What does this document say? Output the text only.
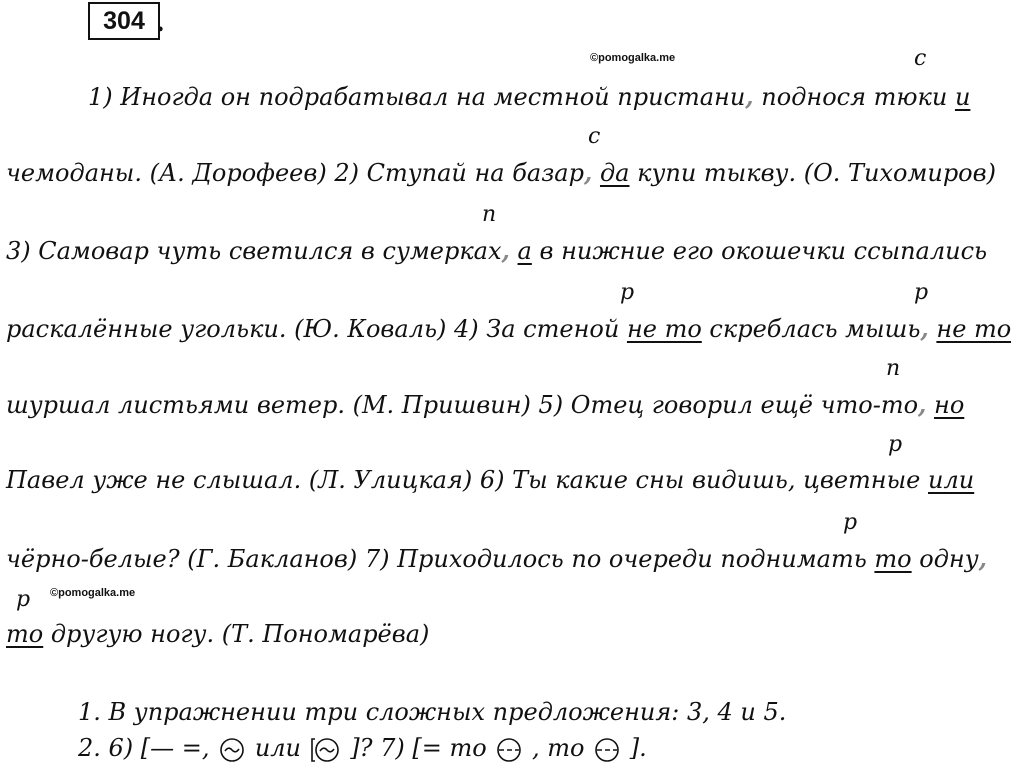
304 .
©pomogalka.me
©pomogalka.me
с
с
п
р	р
п
р
р
р
1) Иногда он подрабатывал на местной пристани, поднося тюки и
чемоданы. (А. Дорофеев) 2) Ступай на базар, да купи тыкву. (О. Тихомиров)
3) Самовар чуть светился в сумерках, а в нижние его окошечки ссыпались
раскалённые угольки. (Ю. Коваль) 4) За стеной не то скреблась мышь, не то
шуршал листьями ветер. (М. Пришвин) 5) Отец говорил ещё что-то, но
Павел уже не слышал. (Л. Улицкая) 6) Ты какие сны видишь, цветные или
чёрно-белые? (Г. Бакланов) 7) Приходилось по очереди поднимать то одну,
то другую ногу. (Т. Пономарёва)
1. В упражнении три сложных предложения: 3, 4 и 5.
2. 6) [— =, или ]? 7) [= то , то ].
